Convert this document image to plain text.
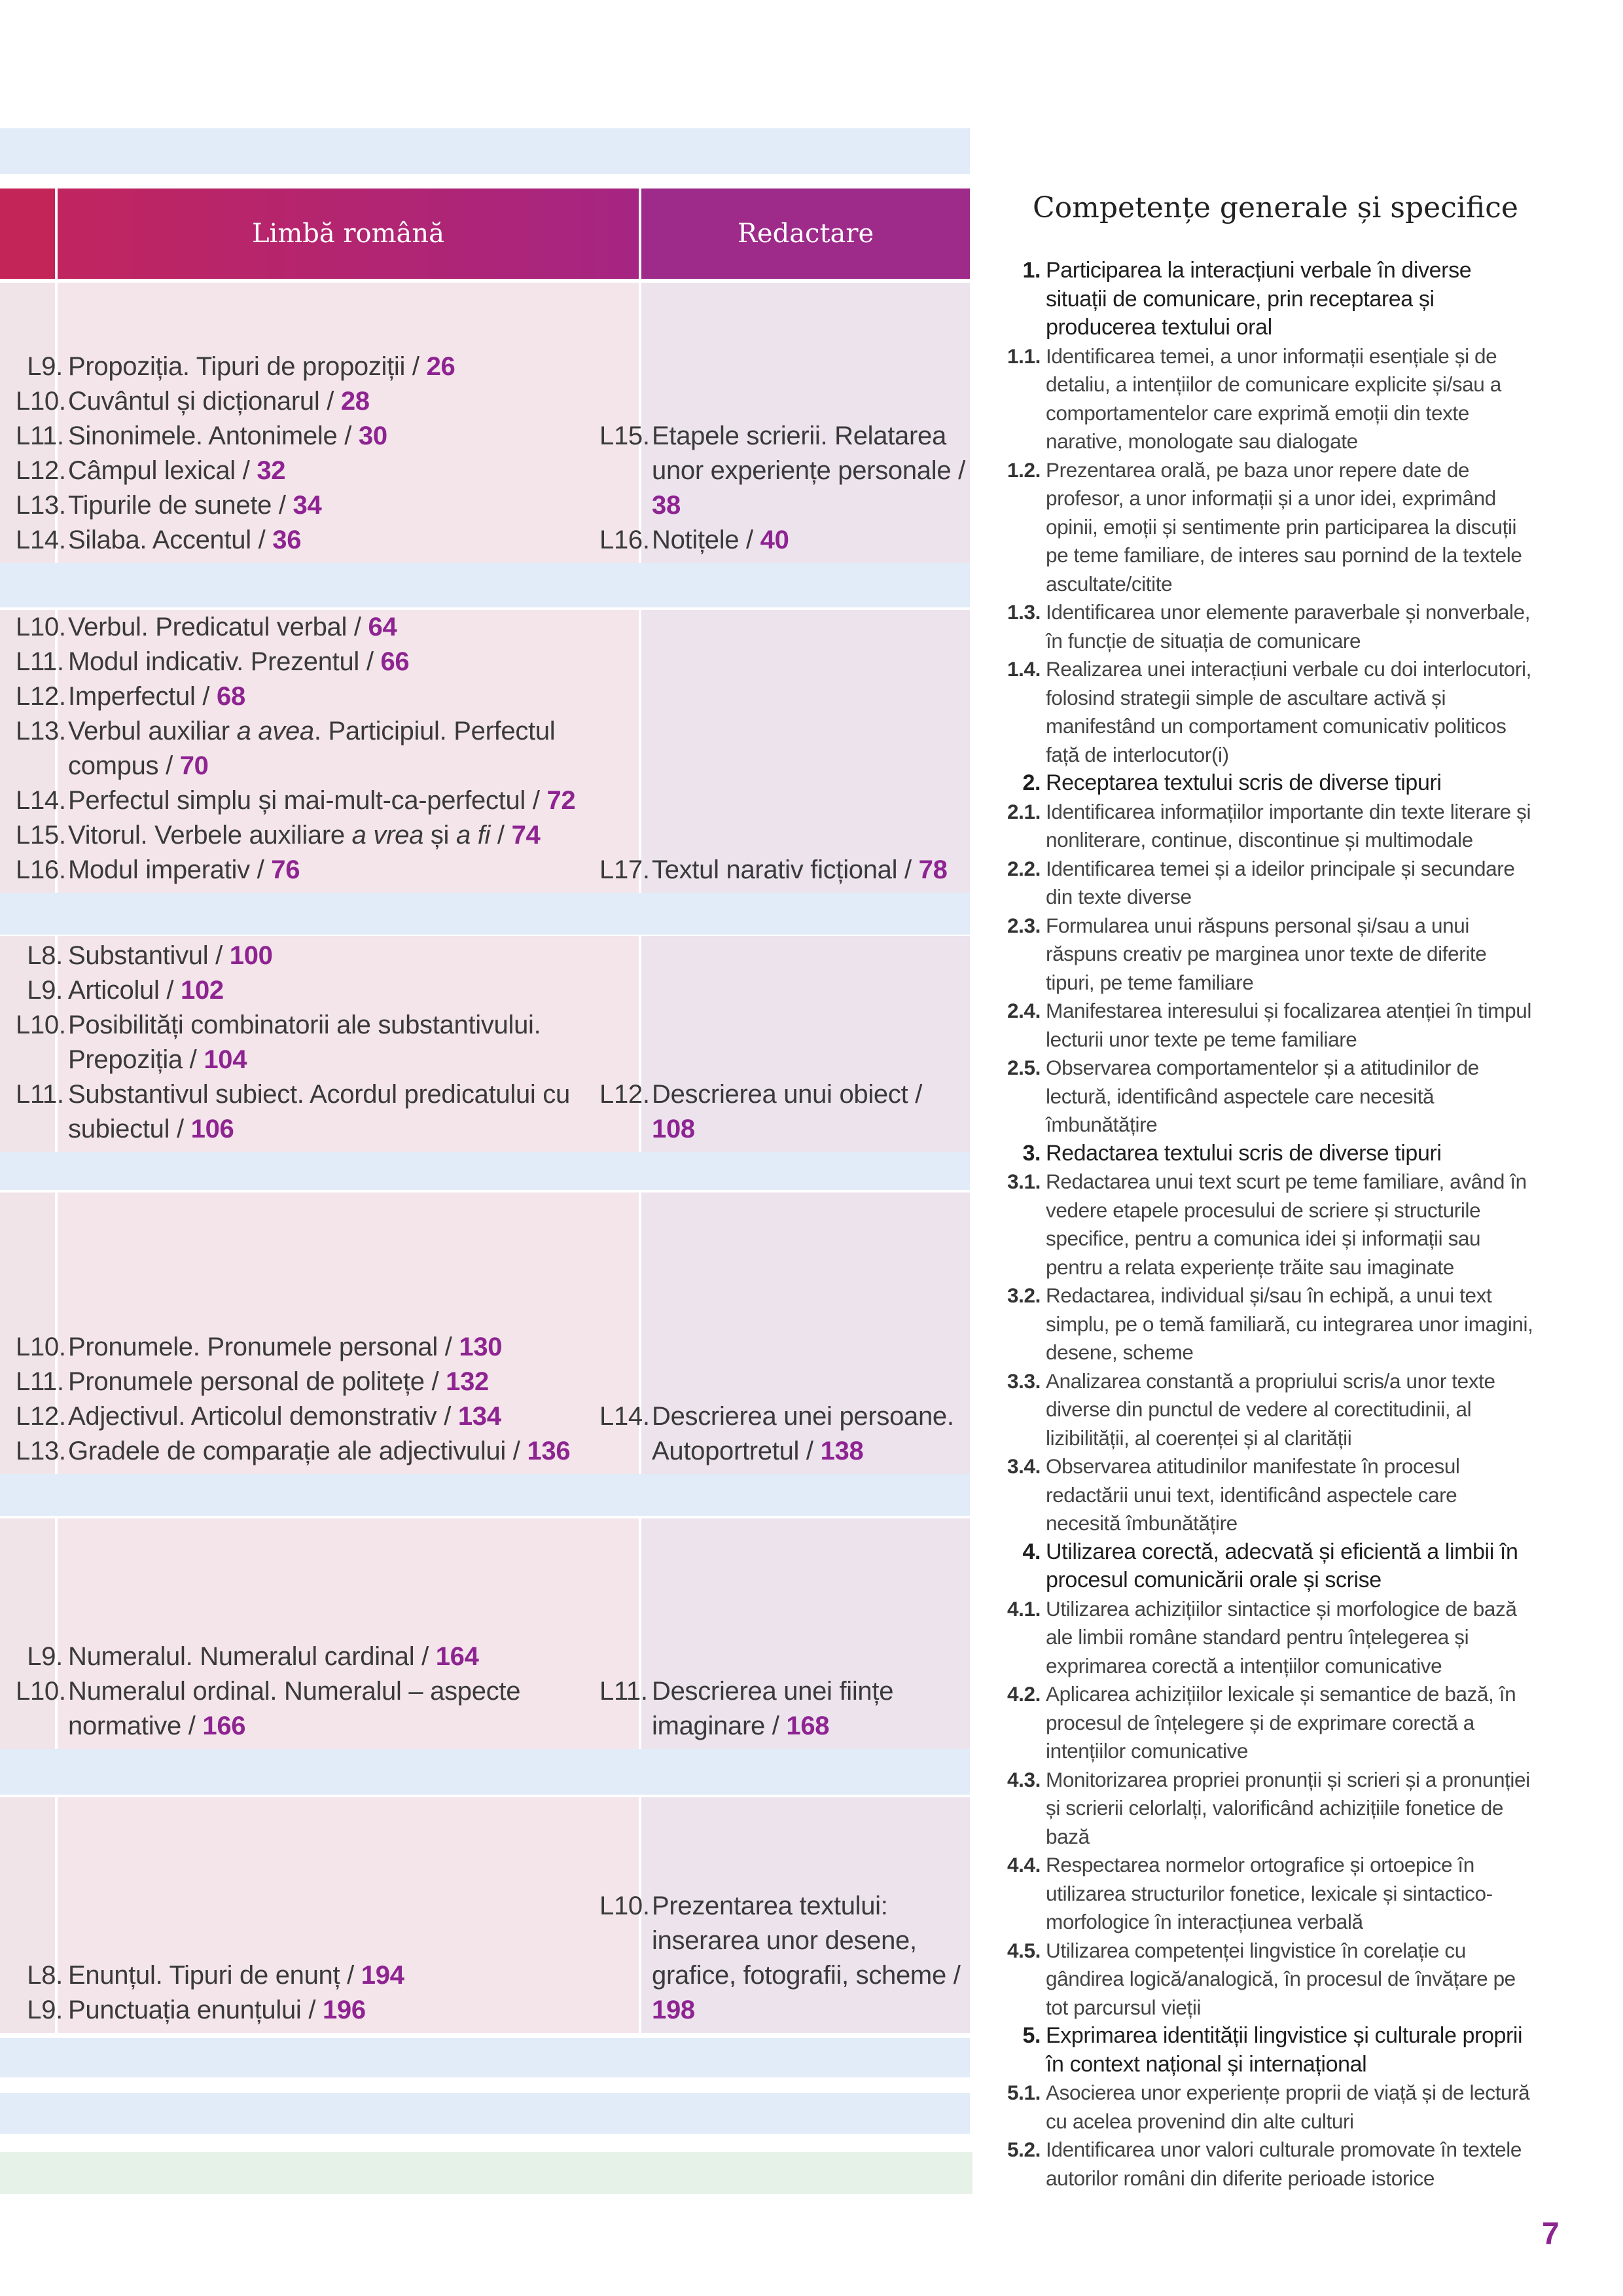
Limbă română	Redactare
L9. Propoziția. Tipuri de propoziții / 26
L10.Cuvântul și dicționarul / 28
L11. Sinonimele. Antonimele / 30
L12.Câmpul lexical / 32
L13.Tipurile de sunete / 34
L14.Silaba. Accentul / 36
L15.Etapele scrierii. Relatarea unor experiențe personale / 38
L16.Notițele / 40
L10.Verbul. Predicatul verbal / 64
L11. Modul indicativ. Prezentul / 66
L12.Imperfectul / 68
L13.Verbul auxiliar a avea. Participiul. Perfectul compus / 70
L14.Perfectul simplu și mai-mult-ca-perfectul / 72
L15.Vitorul. Verbele auxiliare a vrea și a fi / 74
L16.Modul imperativ / 76	L17.Textul narativ ficțional / 78
L8. Substantivul / 100
L9. Articolul / 102
L10.Posibilități combinatorii ale substantivului. Prepoziția / 104
L11. Substantivul subiect. Acordul predicatului cu subiectul / 106
L12.Descrierea unui obiect / 108
L10.Pronumele. Pronumele personal / 130
L11. Pronumele personal de politețe / 132
L12.Adjectivul. Articolul demonstrativ / 134
L13.Gradele de comparație ale adjectivului / 136
L14.Descrierea unei persoane. Autoportretul / 138
L9. Numeralul. Numeralul cardinal / 164
L10.Numeralul ordinal. Numeralul – aspecte normative / 166
L11. Descrierea unei ființe imaginare / 168
L8. Enunțul. Tipuri de enunț / 194
L9. Punctuația enunțului / 196
L10.Prezentarea textului: inserarea unor desene, grafice, fotografii, scheme / 198
Competențe generale și specifice
1. Participarea la interacțiuni verbale în diverse situații de comunicare, prin receptarea și producerea textului oral
1.1. Identificarea temei, a unor informații esențiale și de detaliu, a intențiilor de comunicare explicite și/sau a comportamentelor care exprimă emoții din texte narative, monologate sau dialogate
1.2. Prezentarea orală, pe baza unor repere date de profesor, a unor informații și a unor idei, exprimând opinii, emoții și sentimente prin participarea la discuții pe teme familiare, de interes sau pornind de la textele ascultate/citite
1.3. Identificarea unor elemente paraverbale și nonverbale, în funcție de situația de comunicare
1.4. Realizarea unei interacțiuni verbale cu doi interlocutori, folosind strategii simple de ascultare activă și manifestând un comportament comunicativ politicos față de interlocutor(i)
2. Receptarea textului scris de diverse tipuri
2.1. Identificarea informațiilor importante din texte literare și nonliterare, continue, discontinue și multimodale
2.2. Identificarea temei și a ideilor principale și secundare din texte diverse
2.3. Formularea unui răspuns personal și/sau a unui răspuns creativ pe marginea unor texte de diferite tipuri, pe teme familiare
2.4. Manifestarea interesului și focalizarea atenției în timpul lecturii unor texte pe teme familiare
2.5. Observarea comportamentelor și a atitudinilor de lectură, identificând aspectele care necesită îmbunătățire
3. Redactarea textului scris de diverse tipuri
3.1. Redactarea unui text scurt pe teme familiare, având în vedere etapele procesului de scriere și structurile specifice, pentru a comunica idei și informații sau pentru a relata experiențe trăite sau imaginate
3.2. Redactarea, individual și/sau în echipă, a unui text simplu, pe o temă familiară, cu integrarea unor imagini, desene, scheme
3.3. Analizarea constantă a propriului scris/a unor texte diverse din punctul de vedere al corectitudinii, al lizibilității, al coerenței și al clarității
3.4. Observarea atitudinilor manifestate în procesul redactării unui text, identificând aspectele care necesită îmbunătățire
4. Utilizarea corectă, adecvată și eficientă a limbii în procesul comunicării orale și scrise
4.1. Utilizarea achizițiilor sintactice și morfologice de bază ale limbii române standard pentru înțelegerea și exprimarea corectă a intențiilor comunicative
4.2. Aplicarea achizițiilor lexicale și semantice de bază, în procesul de înțelegere și de exprimare corectă a intențiilor comunicative
4.3. Monitorizarea propriei pronunții și scrieri și a pronunției și scrierii celorlalți, valorificând achizițiile fonetice de bază
4.4. Respectarea normelor ortografice și ortoepice în utilizarea structurilor fonetice, lexicale și sintactico-morfologice în interacțiunea verbală
4.5. Utilizarea competenței lingvistice în corelație cu gândirea logică/analogică, în procesul de învățare pe tot parcursul vieții
5. Exprimarea identității lingvistice și culturale proprii în context național și internațional
5.1. Asocierea unor experiențe proprii de viață și de lectură cu acelea provenind din alte culturi
5.2. Identificarea unor valori culturale promovate în textele autorilor români din diferite perioade istorice
7
